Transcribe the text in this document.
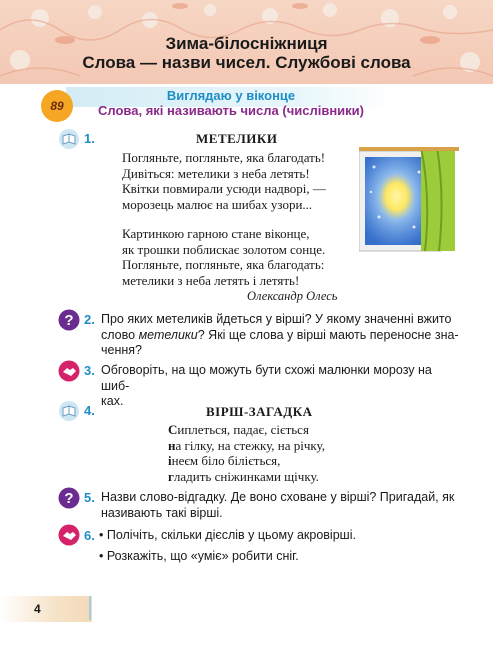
Зима-білосніжниця
Слова — назви чисел. Службові слова
89
Виглядаю у віконце
Слова, які називають числа (числівники)
1.	МЕТЕЛИКИ
Погляньте, погляньте, яка благодать!
Дивіться: метелики з неба летять!
Квітки повмирали усюди надворі, —
морозець малює на шибах узори...
Картинкою гарною стане віконце,
як трошки поблискає золотом сонце.
Погляньте, погляньте, яка благодать:
метелики з неба летять і летять!
Олександр Олесь
? 2. Про яких метеликів йдеться у вірші? У якому значенні вжито
слово метелики? Які ще слова у вірші мають переносне зна-
чення?
3. Обговоріть, на що можуть бути схожі малюнки морозу на шиб-
ках.
4.	ВІРШ-ЗАГАДКА
Сиплеться, падає, сіється
на гілку, на стежку, на річку,
інеєм біло біліється,
гладить сніжинками щічку.
? 5. Назви слово-відгадку. Де воно сховане у вірші? Пригадай, як
називають такі вірші.
6. • Полічіть, скільки дієслів у цьому акровірші.
• Розкажіть, що «уміє» робити сніг.
4
